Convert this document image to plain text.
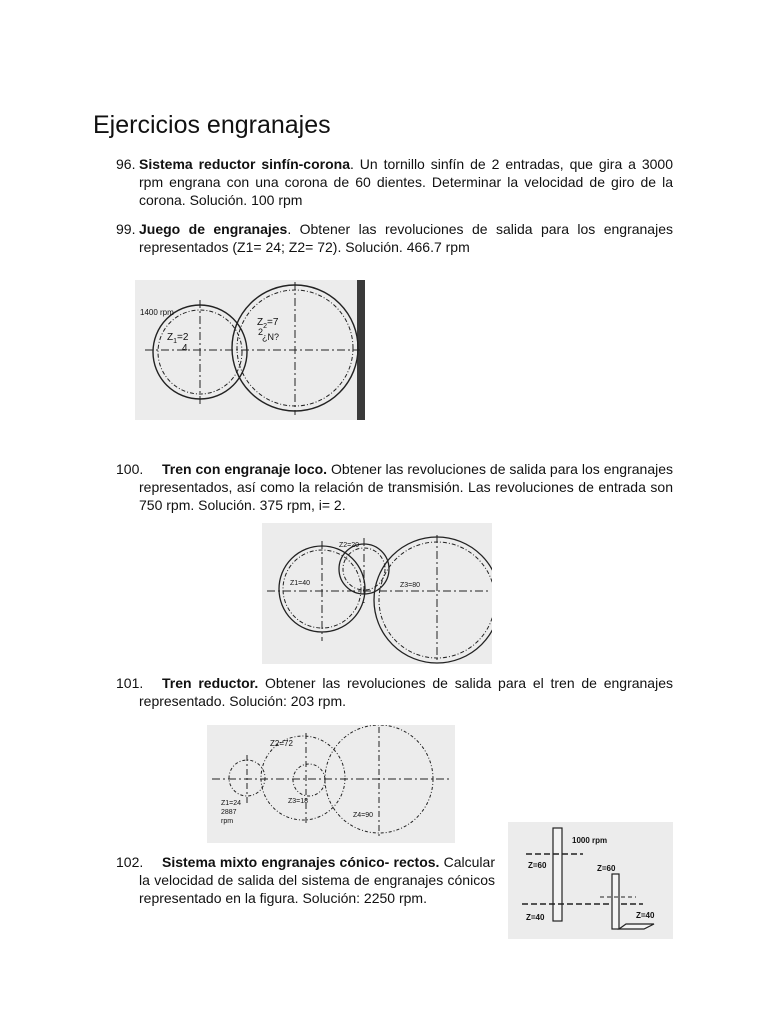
Ejercicios engranajes
96. Sistema reductor sinfín-corona. Un tornillo sinfín de 2 entradas, que gira a 3000 rpm engrana con una corona de 60 dientes. Determinar la velocidad de giro de la corona. Solución. 100 rpm
99. Juego de engranajes. Obtener las revoluciones de salida para los engranajes representados (Z1= 24; Z2= 72). Solución. 466.7 rpm
1400 rpm
$Z_1=2$
4
$Z_2=7$
2
¿N?
100.	Tren con engranaje loco. Obtener las revoluciones de salida para los engranajes representados, así como la relación de transmisión. Las revoluciones de entrada son 750 rpm. Solución. 375 rpm, i= 2.
Z1=40
Z2=20
Z3=80
101.	Tren reductor. Obtener las revoluciones de salida para el tren de engranajes representado. Solución: 203 rpm.
Z2=72
Z1=24
2887
rpm
Z3=18
Z4=90
102.	Sistema mixto engranajes cónico- rectos. Calcular la velocidad de salida del sistema de engranajes cónicos representado en la figura. Solución: 2250 rpm.
1000 rpm
Z=60	Z=60
Z=40	Z=40
